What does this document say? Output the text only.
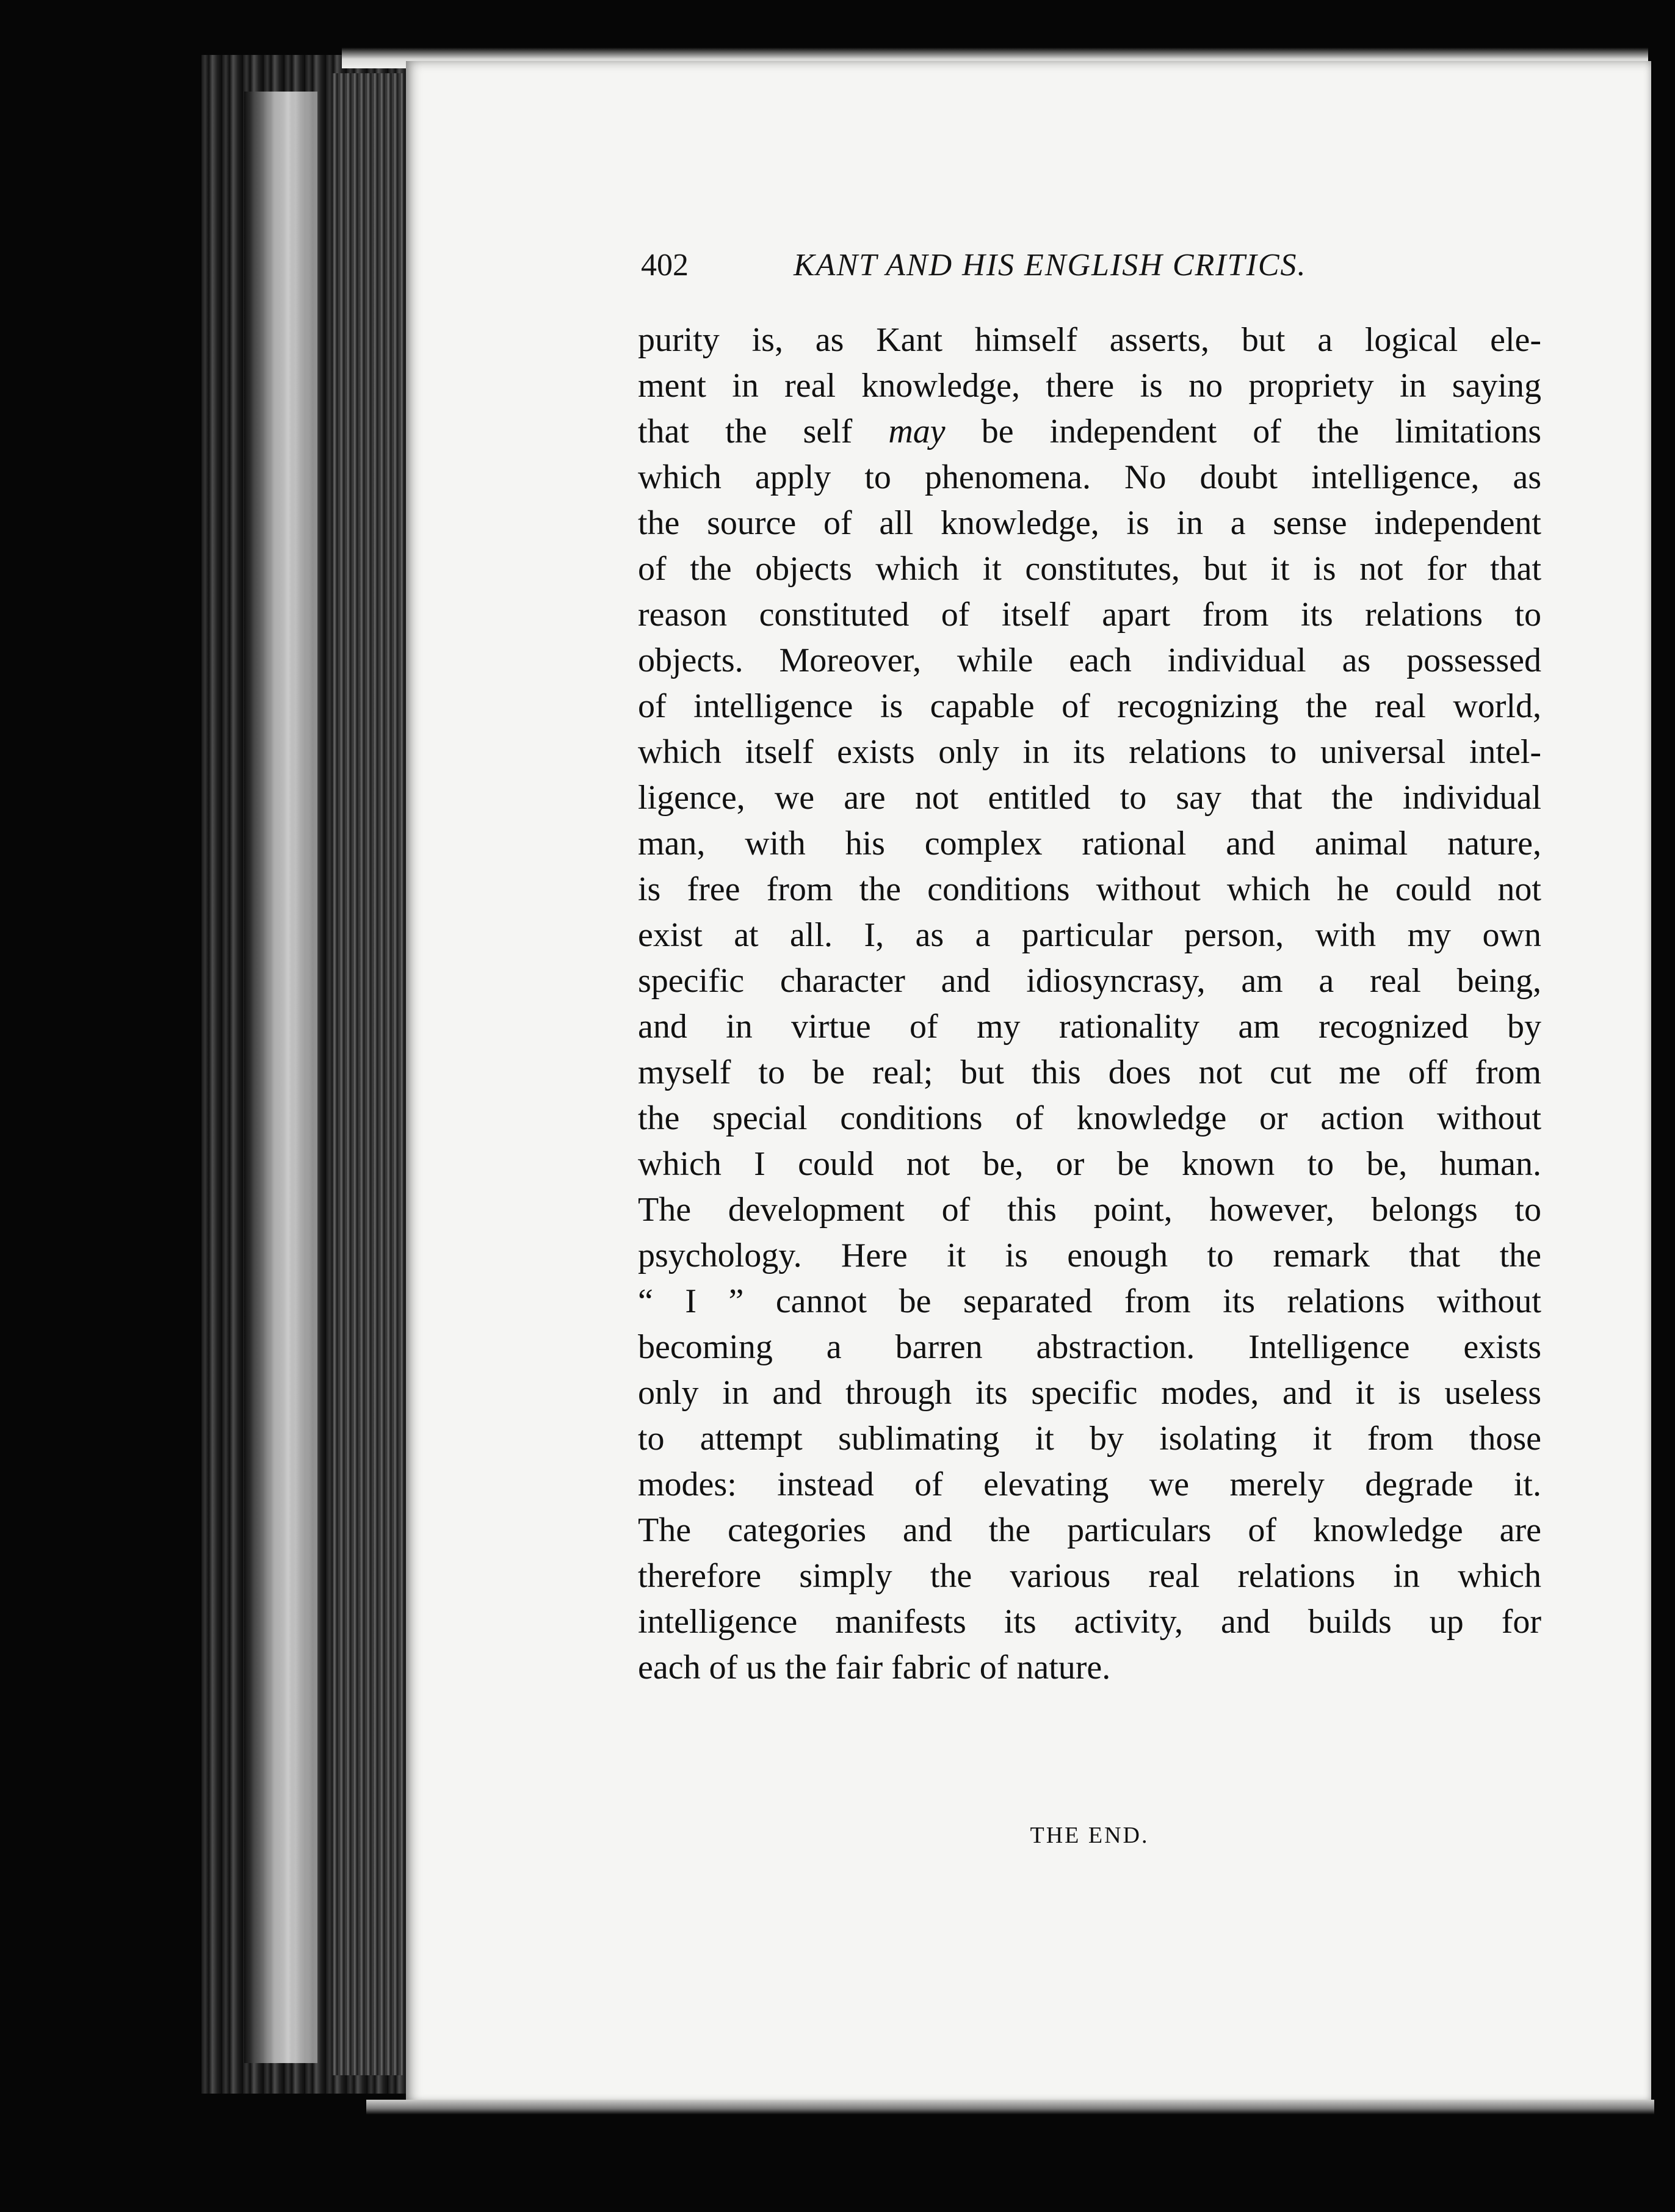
402	KANT AND HIS ENGLISH CRITICS.
purity is, as Kant himself asserts, but a logical ele-
ment in real knowledge, there is no propriety in saying
that the self may be independent of the limitations
which apply to phenomena. No doubt intelligence, as
the source of all knowledge, is in a sense independent
of the objects which it constitutes, but it is not for that
reason constituted of itself apart from its relations to
objects. Moreover, while each individual as possessed
of intelligence is capable of recognizing the real world,
which itself exists only in its relations to universal intel-
ligence, we are not entitled to say that the individual
man, with his complex rational and animal nature,
is free from the conditions without which he could not
exist at all. I, as a particular person, with my own
specific character and idiosyncrasy, am a real being,
and in virtue of my rationality am recognized by
myself to be real; but this does not cut me off from
the special conditions of knowledge or action without
which I could not be, or be known to be, human.
The development of this point, however, belongs to
psychology. Here it is enough to remark that the
“ I ” cannot be separated from its relations without
becoming a barren abstraction. Intelligence exists
only in and through its specific modes, and it is useless
to attempt sublimating it by isolating it from those
modes: instead of elevating we merely degrade it.
The categories and the particulars of knowledge are
therefore simply the various real relations in which
intelligence manifests its activity, and builds up for
each of us the fair fabric of nature.
THE END.
